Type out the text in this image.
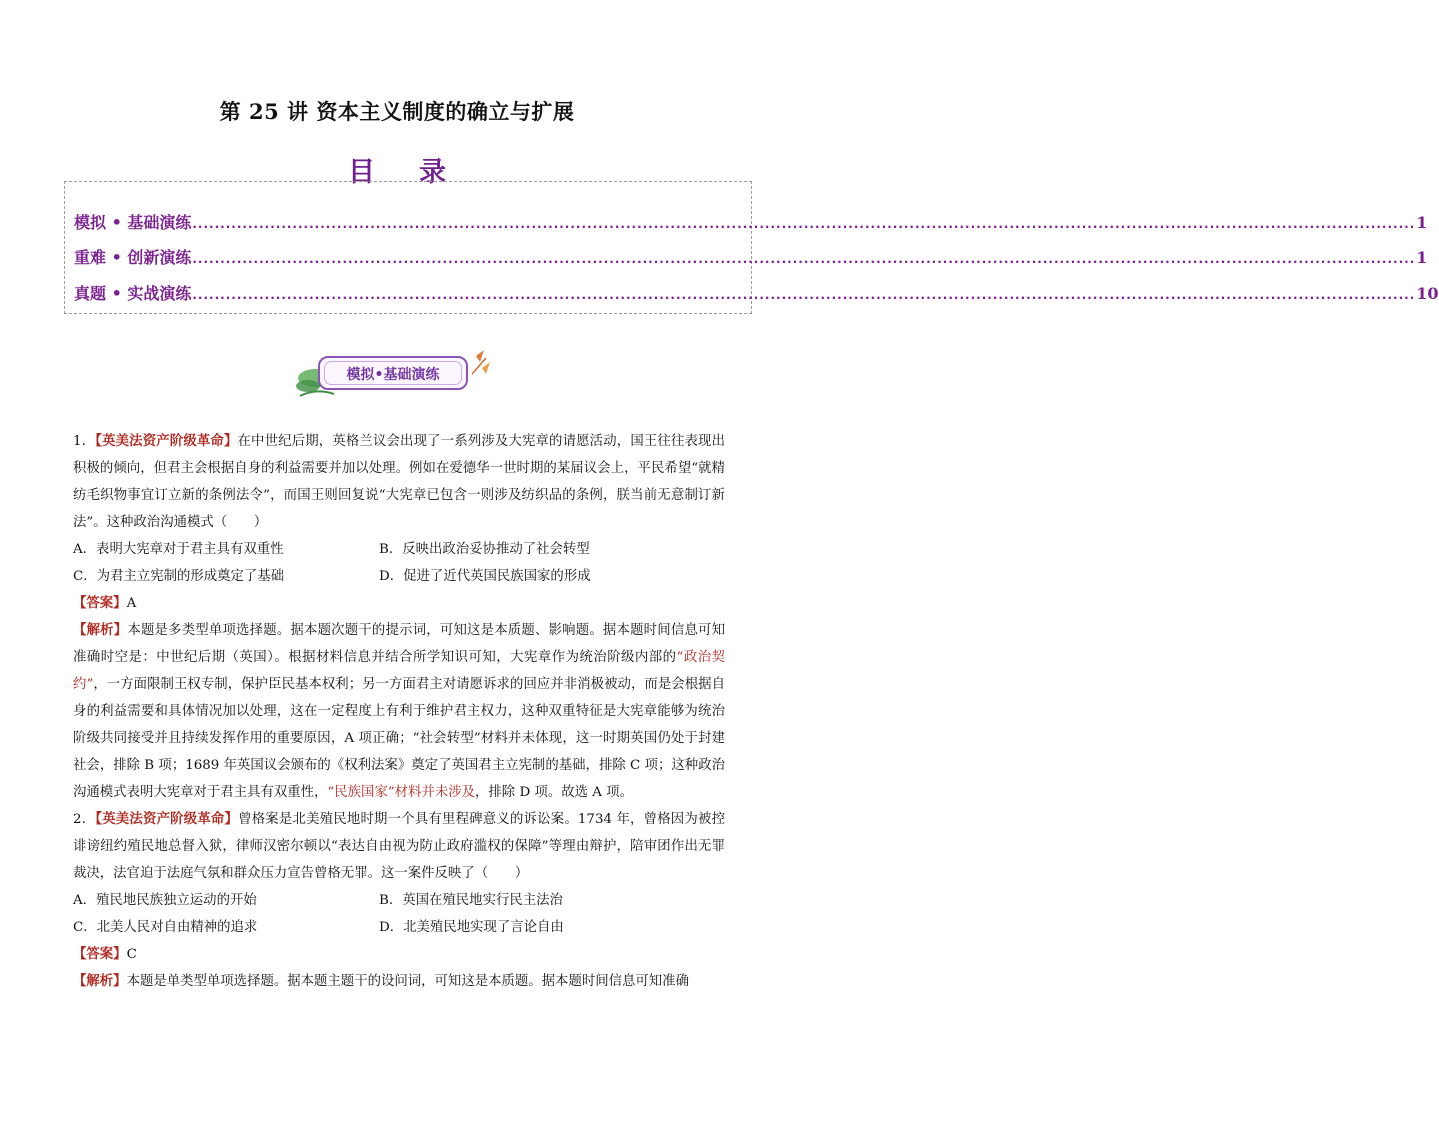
第 25 讲 资本主义制度的确立与扩展
目录
模拟 • 基础演练 ............................................................................................................................................................................................................................ 1
重难 • 创新演练 ............................................................................................................................................................................................................................ 1
真题 • 实战演练 ............................................................................................................................................................................................................................ 10
模拟•基础演练

1．【英美法资产阶级革命】在中世纪后期，英格兰议会出现了一系列涉及大宪章的请愿活动，国王往往表现出积极的倾向，但君主会根据自身的利益需要并加以处理。例如在爱德华一世时期的某届议会上，平民希望“就精纺毛织物事宜订立新的条例法令”，而国王则回复说“大宪章已包含一则涉及纺织品的条例，朕当前无意制订新法”。这种政治沟通模式（　　）

A．表明大宪章对于君主具有双重性	B．反映出政治妥协推动了社会转型
C．为君主立宪制的形成奠定了基础	D．促进了近代英国民族国家的形成

【答案】A

【解析】本题是多类型单项选择题。据本题次题干的提示词，可知这是本质题、影响题。据本题时间信息可知准确时空是：中世纪后期（英国）。根据材料信息并结合所学知识可知，大宪章作为统治阶级内部的“政治契约”，一方面限制王权专制，保护臣民基本权利；另一方面君主对请愿诉求的回应并非消极被动，而是会根据自身的利益需要和具体情况加以处理，这在一定程度上有利于维护君主权力，这种双重特征是大宪章能够为统治阶级共同接受并且持续发挥作用的重要原因，A 项正确；“社会转型”材料并未体现，这一时期英国仍处于封建社会，排除 B 项；1689 年英国议会颁布的《权利法案》奠定了英国君主立宪制的基础，排除 C 项；这种政治沟通模式表明大宪章对于君主具有双重性，“民族国家”材料并未涉及，排除 D 项。故选 A 项。

2．【英美法资产阶级革命】曾格案是北美殖民地时期一个具有里程碑意义的诉讼案。1734 年，曾格因为被控诽谤纽约殖民地总督入狱，律师汉密尔顿以“表达自由视为防止政府滥权的保障”等理由辩护，陪审团作出无罪裁决，法官迫于法庭气氛和群众压力宣告曾格无罪。这一案件反映了（　　）

A．殖民地民族独立运动的开始	B．英国在殖民地实行民主法治
C．北美人民对自由精神的追求	D．北美殖民地实现了言论自由

【答案】C

【解析】本题是单类型单项选择题。据本题主题干的设问词，可知这是本质题。据本题时间信息可知准确
